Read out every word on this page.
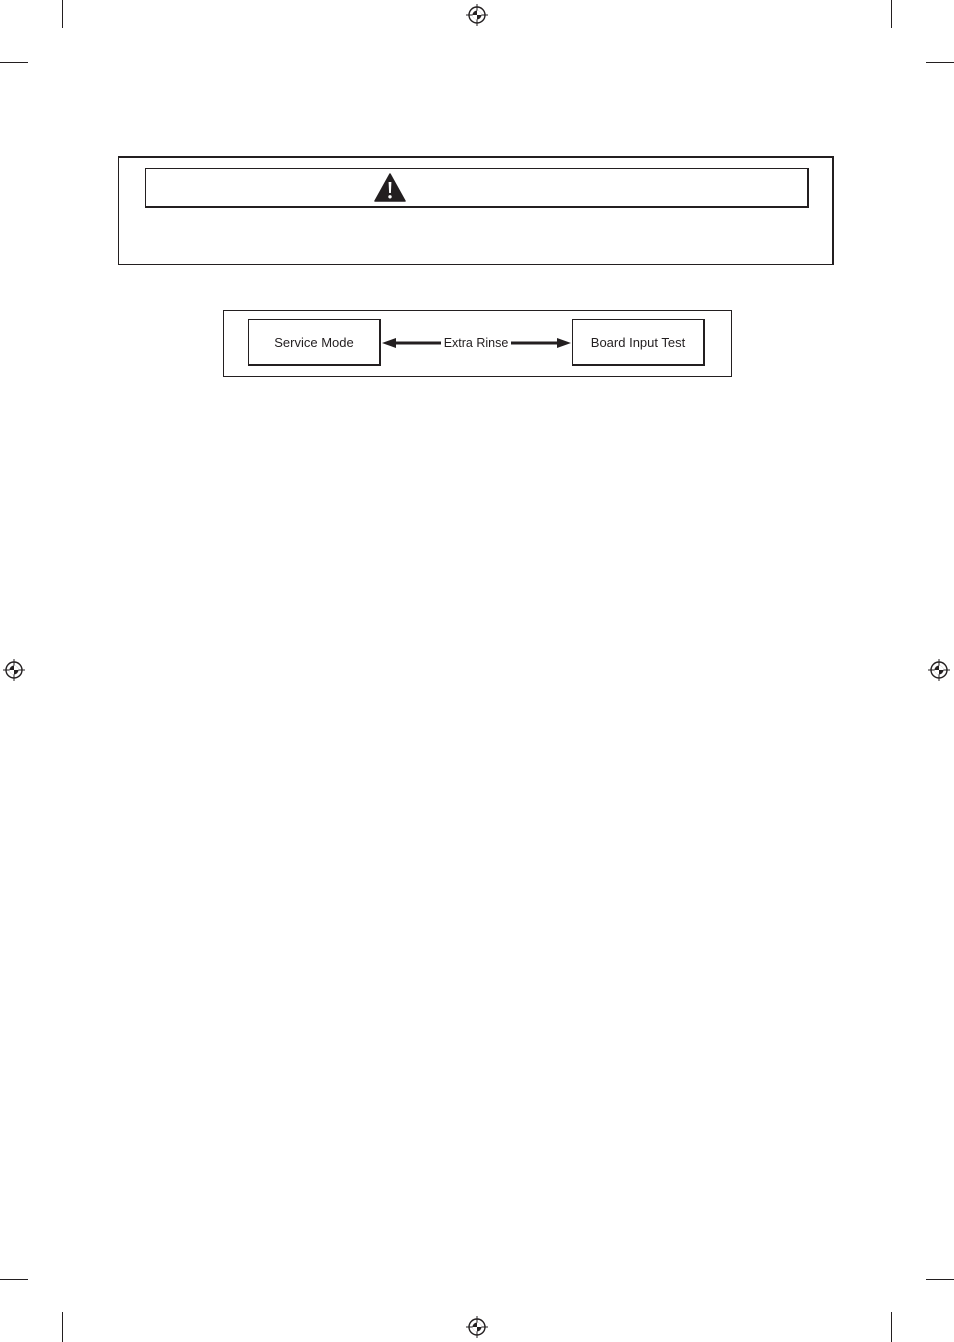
Service Mode	Board Input Test
Extra Rinse
